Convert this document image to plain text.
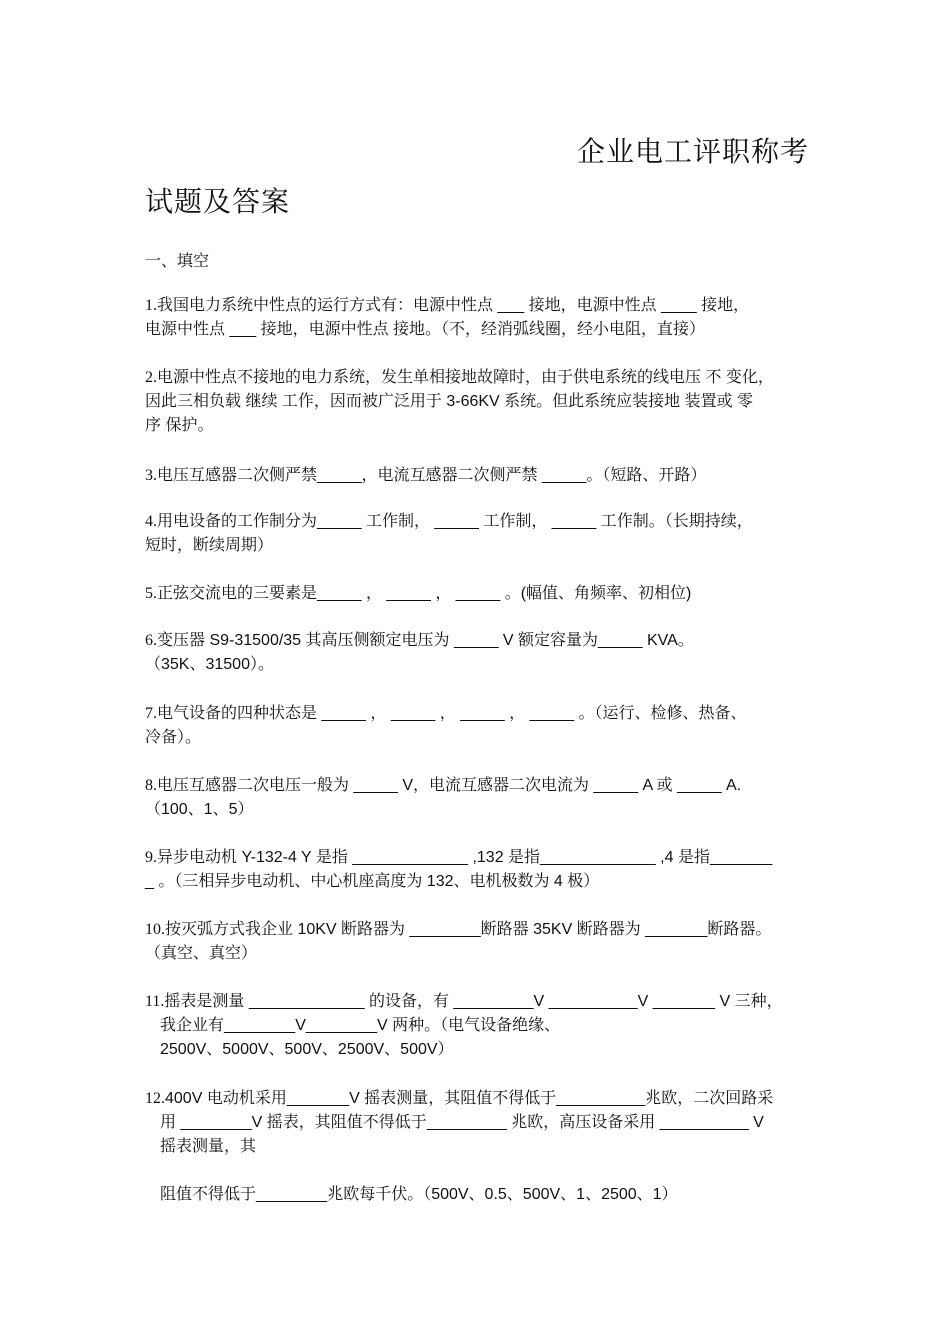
企业电工评职称考
试题及答案
一、填空
1.我国电力系统中性点的运行方式有：电源中性点 ___ 接地，电源中性点 ____ 接地，
电源中性点 ___ 接地，电源中性点 接地。（不，经消弧线圈，经小电阻，直接）
2.电源中性点不接地的电力系统，发生单相接地故障时，由于供电系统的线电压 不 变化，
因此三相负载 继续 工作，因而被广泛用于 3-66KV 系统。但此系统应装接地 装置或 零
序 保护。
3.电压互感器二次侧严禁_____，电流互感器二次侧严禁 _____。（短路、开路）
4.用电设备的工作制分为_____ 工作制， _____ 工作制， _____ 工作制。（长期持续，
短时，断续周期）
5.正弦交流电的三要素是_____ ， _____ ， _____ 。(幅值、角频率、初相位)
6.变压器 S9-31500/35 其高压侧额定电压为 _____ V 额定容量为_____ KVA。
（35K、31500）。
7.电气设备的四种状态是 _____ ， _____ ， _____ ， _____ 。（运行、检修、热备、
冷备）。
8.电压互感器二次电压一般为 _____ V，电流互感器二次电流为 _____ A 或 _____ A.
（100、1、5）
9.异步电动机 Y-132-4 Y 是指 _____________ ,132 是指_____________ ,4 是指_______
_ 。（三相异步电动机、中心机座高度为 132、电机极数为 4 极）
10.按灭弧方式我企业 10KV 断路器为 ________断路器 35KV 断路器为 _______断路器。
（真空、真空）
11.摇表是测量 _____________ 的设备，有 _________V __________V _______ V 三种，
我企业有________V________V 两种。（电气设备绝缘、
2500V、5000V、500V、2500V、500V）
12.400V 电动机采用_______V 摇表测量，其阻值不得低于__________兆欧，二次回路采
用 ________V 摇表，其阻值不得低于_________ 兆欧，高压设备采用 __________ V
摇表测量，其
阻值不得低于________兆欧每千伏。（500V、0.5、500V、1、2500、1）
